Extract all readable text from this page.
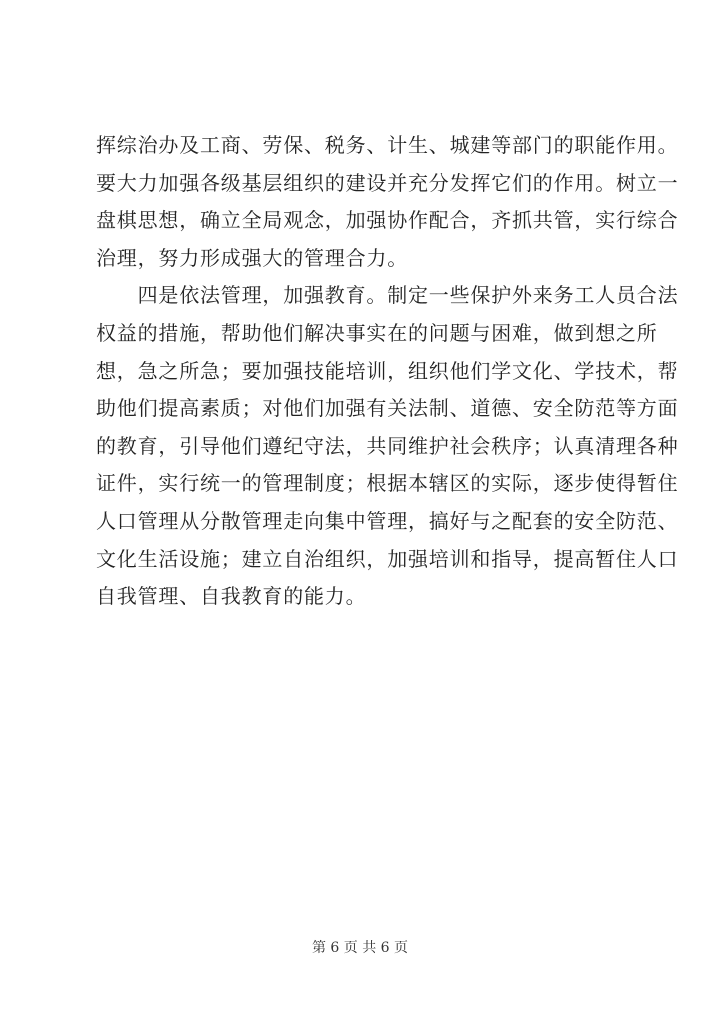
挥综治办及工商、劳保、税务、计生、城建等部门的职能作用。
要大力加强各级基层组织的建设并充分发挥它们的作用。树立一
盘棋思想，确立全局观念，加强协作配合，齐抓共管，实行综合
治理，努力形成强大的管理合力。
　　四是依法管理，加强教育。制定一些保护外来务工人员合法
权益的措施，帮助他们解决事实在的问题与困难，做到想之所
想，急之所急；要加强技能培训，组织他们学文化、学技术，帮
助他们提高素质；对他们加强有关法制、道德、安全防范等方面
的教育，引导他们遵纪守法，共同维护社会秩序；认真清理各种
证件，实行统一的管理制度；根据本辖区的实际，逐步使得暂住
人口管理从分散管理走向集中管理，搞好与之配套的安全防范、
文化生活设施；建立自治组织，加强培训和指导，提高暂住人口
自我管理、自我教育的能力。
第 6 页 共 6 页
